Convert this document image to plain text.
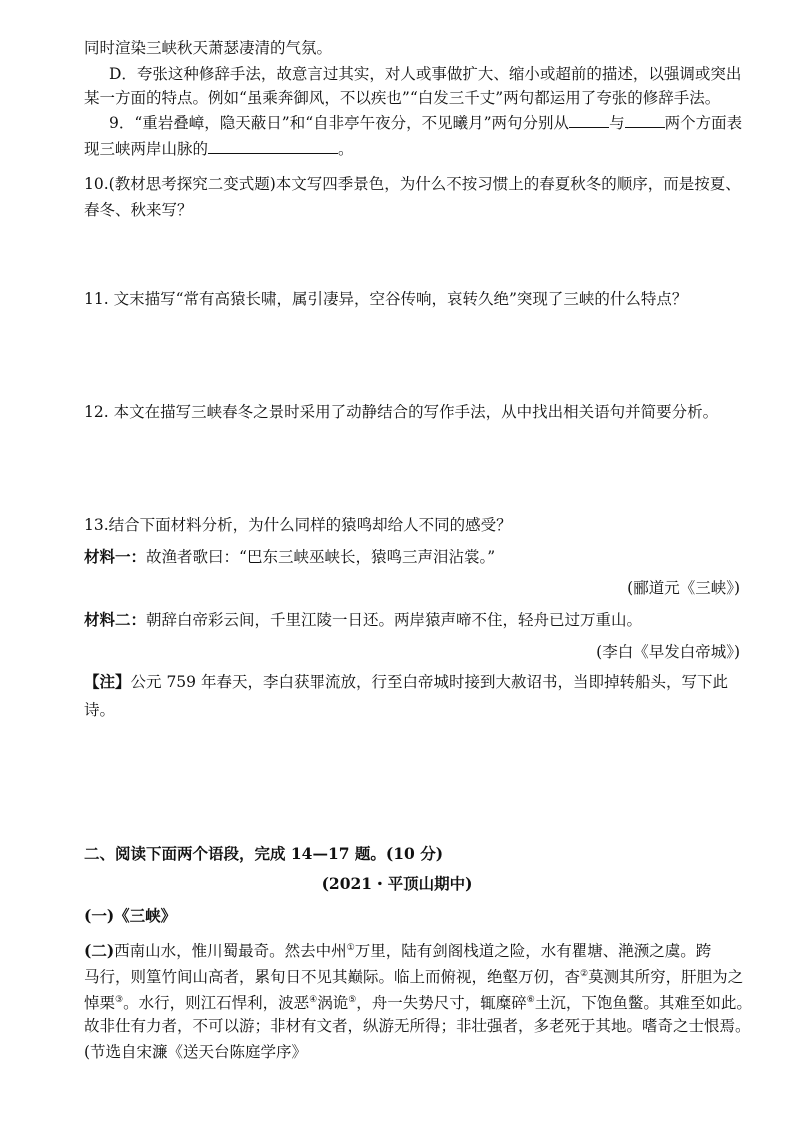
同时渲染三峡秋天萧瑟凄清的气氛。
D．夸张这种修辞手法，故意言过其实，对人或事做扩大、缩小或超前的描述，以强调或突出
某一方面的特点。例如“虽乘奔御风，不以疾也”“白发三千丈”两句都运用了夸张的修辞手法。
9．“重岩叠嶂，隐天蔽日”和“自非亭午夜分，不见曦月”两句分别从	与	两个方面表
现三峡两岸山脉的	。
10.(教材思考探究二变式题)本文写四季景色，为什么不按习惯上的春夏秋冬的顺序，而是按夏、
春冬、秋来写？
11. 文末描写“常有高猿长啸，属引凄异，空谷传响，哀转久绝”突现了三峡的什么特点？
12. 本文在描写三峡春冬之景时采用了动静结合的写作手法，从中找出相关语句并简要分析。
13.结合下面材料分析，为什么同样的猿鸣却给人不同的感受？
材料一：故渔者歌曰：“巴东三峡巫峡长，猿鸣三声泪沾裳。”
(郦道元《三峡》)
材料二：朝辞白帝彩云间，千里江陵一日还。两岸猿声啼不住，轻舟已过万重山。
(李白《早发白帝城》)
【注】公元 759 年春天，李白获罪流放，行至白帝城时接到大赦诏书，当即掉转船头，写下此
诗。
二、阅读下面两个语段，完成 14—17 题。(10 分)
(2021・平顶山期中)
(一)《三峡》
(二)西南山水，惟川蜀最奇。然去中州①万里，陆有剑阁栈道之险，水有瞿塘、滟滪之虞。跨
马行，则篁竹间山高者，累旬日不见其巅际。临上而俯视，绝壑万仞，杳②莫测其所穷，肝胆为之
悼栗③。水行，则江石悍利，波恶④涡诡⑤，舟一失势尺寸，辄糜碎⑥土沉，下饱鱼鳖。其难至如此。
故非仕有力者，不可以游；非材有文者，纵游无所得；非壮强者，多老死于其地。嗜奇之士恨焉。
(节选自宋濂《送天台陈庭学序》
